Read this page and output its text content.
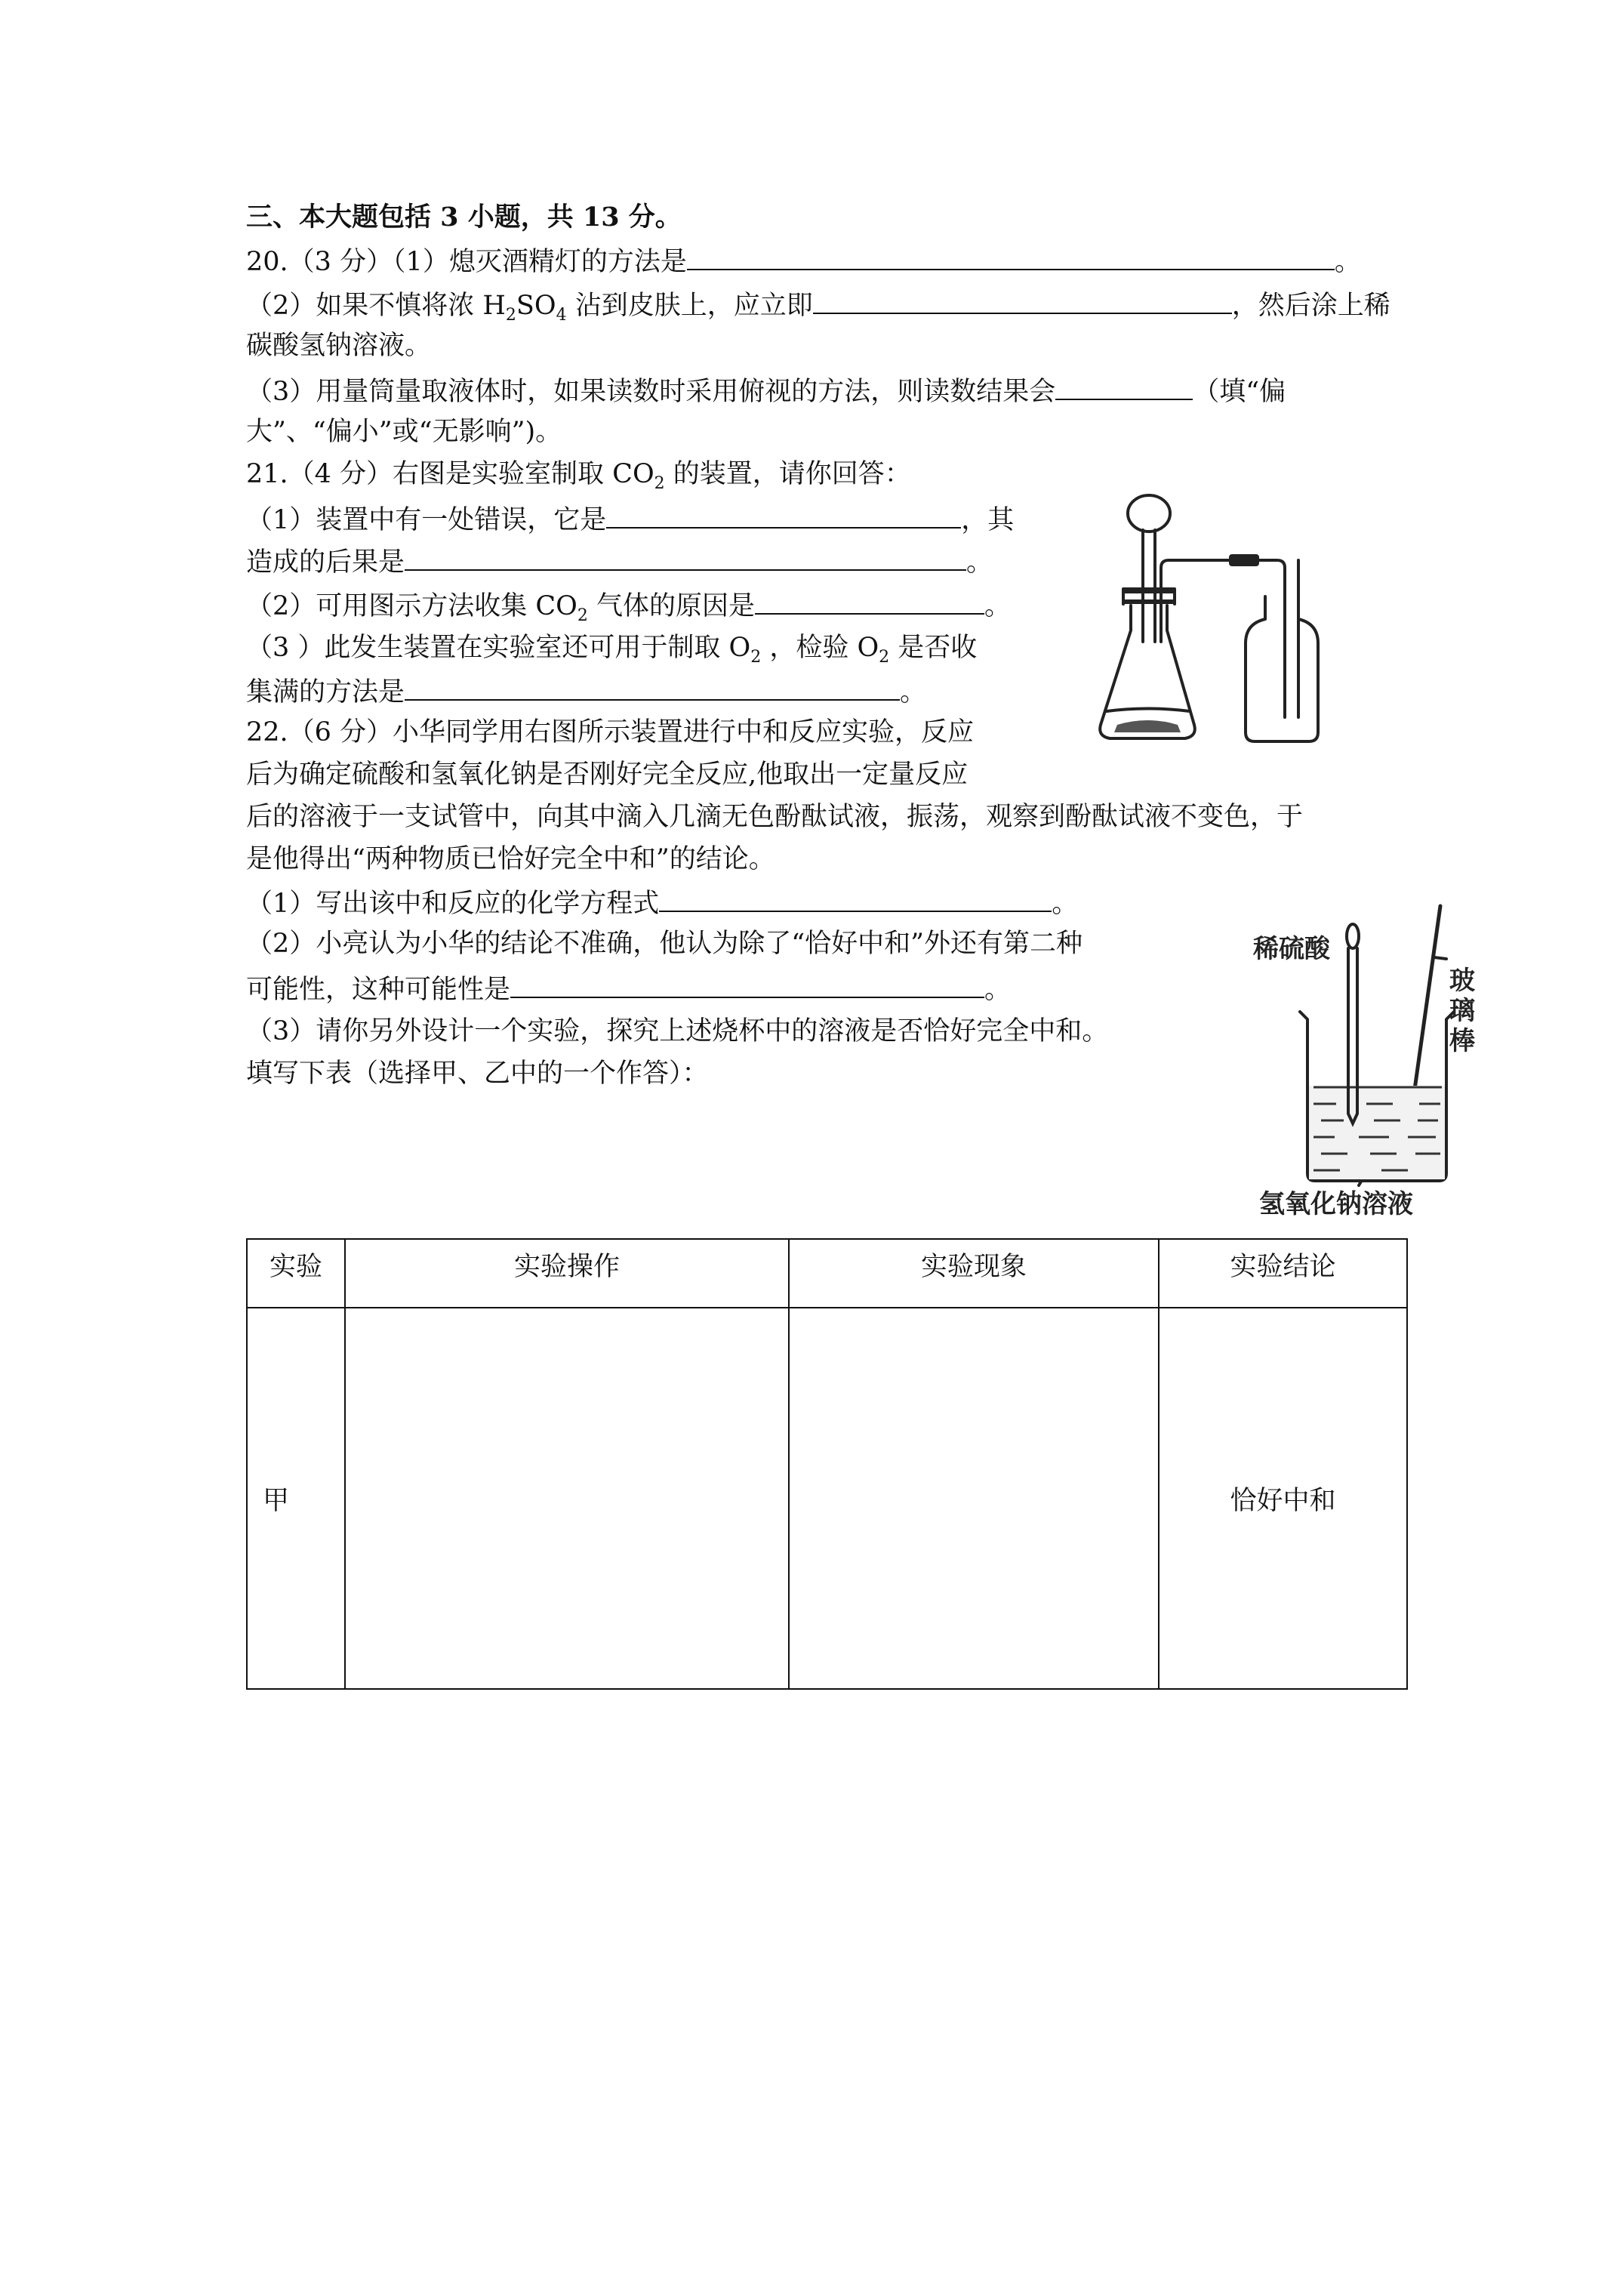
三、本大题包括 3 小题，共 13 分。
20.（3 分）（1）熄灭酒精灯的方法是	。
（2）如果不慎将浓 $H_2SO_4$ 沾到皮肤上，应立即	，然后涂上稀
碳酸氢钠溶液。
（3）用量筒量取液体时，如果读数时采用俯视的方法，则读数结果会	（填“偏
大”、“偏小”或“无影响”)。
21.（4 分）右图是实验室制取 $CO_2$ 的装置，请你回答：
（1）装置中有一处错误，它是	，其
造成的后果是	。
（2）可用图示方法收集 $CO_2$ 气体的原因是	。
（3 ）此发生装置在实验室还可用于制取 $O_2$ ，检验 $O_2$ 是否收
集满的方法是	。
22.（6 分）小华同学用右图所示装置进行中和反应实验，反应
后为确定硫酸和氢氧化钠是否刚好完全反应,他取出一定量反应
后的溶液于一支试管中，向其中滴入几滴无色酚酞试液，振荡，观察到酚酞试液不变色，于
是他得出“两种物质已恰好完全中和”的结论。
（1）写出该中和反应的化学方程式	。
（2）小亮认为小华的结论不准确，他认为除了“恰好中和”外还有第二种
可能性，这种可能性是	。
（3）请你另外设计一个实验，探究上述烧杯中的溶液是否恰好完全中和。
填写下表（选择甲、乙中的一个作答）：
稀硫酸
玻
璃
棒
氢氧化钠溶液
实验	实验操作	实验现象	实验结论
甲			恰好中和
